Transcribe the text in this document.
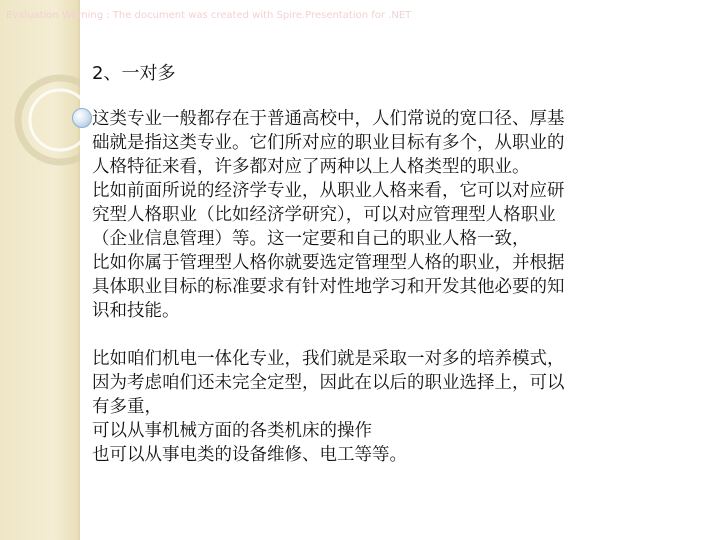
Evaluation Warning : The document was created with Spire.Presentation for .NET
2、一对多

这类专业一般都存在于普通高校中，人们常说的宽口径、厚基

础就是指这类专业。它们所对应的职业目标有多个，从职业的

人格特征来看，许多都对应了两种以上人格类型的职业。

比如前面所说的经济学专业，从职业人格来看，它可以对应研

究型人格职业（比如经济学研究），可以对应管理型人格职业

（企业信息管理）等。这一定要和自己的职业人格一致，

比如你属于管理型人格你就要选定管理型人格的职业，并根据

具体职业目标的标准要求有针对性地学习和开发其他必要的知

识和技能。

比如咱们机电一体化专业，我们就是采取一对多的培养模式，

因为考虑咱们还未完全定型，因此在以后的职业选择上，可以

有多重，

可以从事机械方面的各类机床的操作

也可以从事电类的设备维修、电工等等。
